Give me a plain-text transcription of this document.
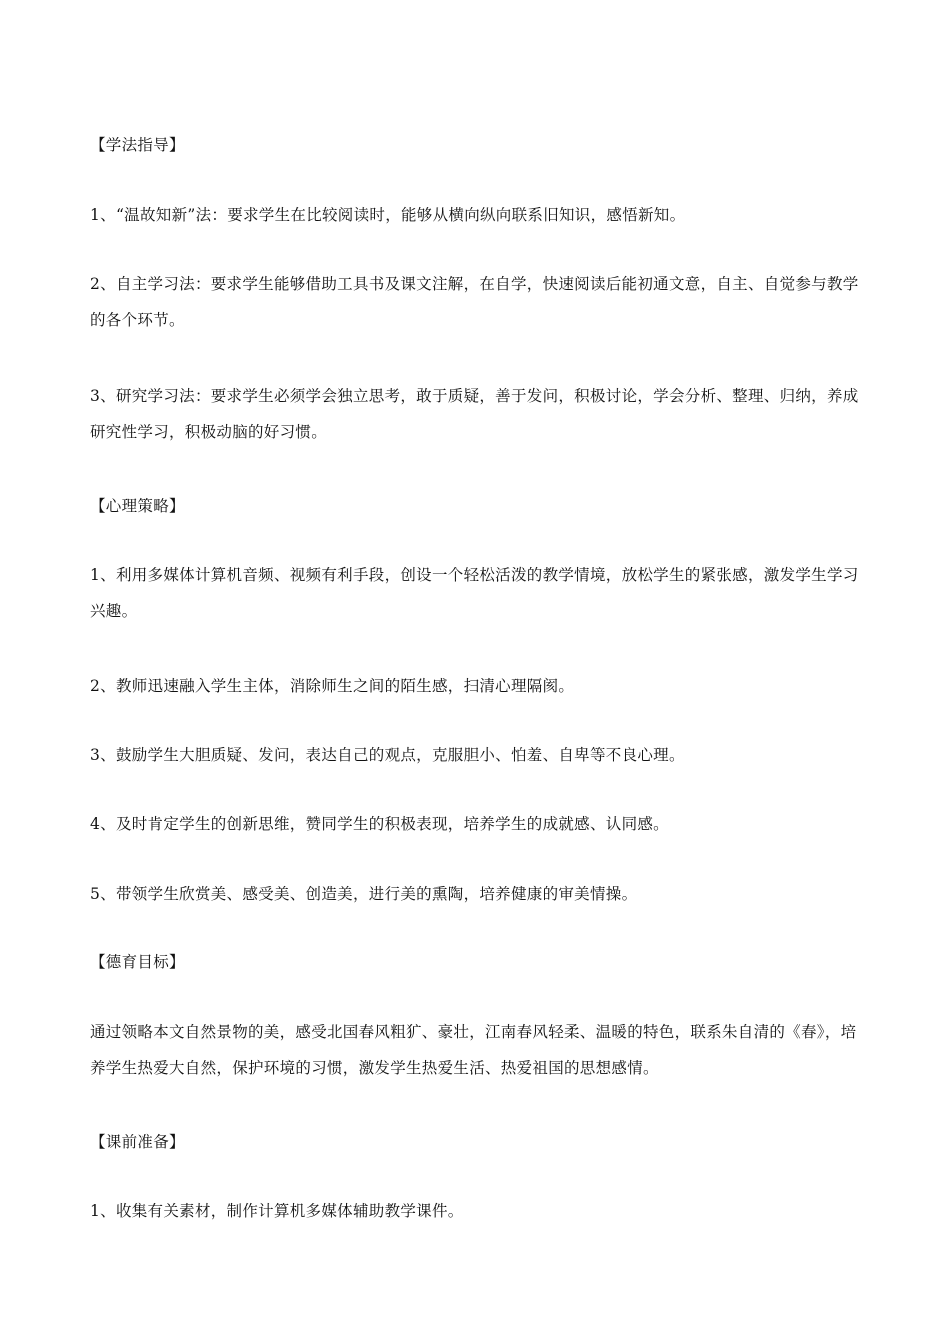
【学法指导】
1、“温故知新”法：要求学生在比较阅读时，能够从横向纵向联系旧知识，感悟新知。
2、自主学习法：要求学生能够借助工具书及课文注解，在自学，快速阅读后能初通文意，自主、自觉参与教学的各个环节。
3、研究学习法：要求学生必须学会独立思考，敢于质疑，善于发问，积极讨论，学会分析、整理、归纳，养成研究性学习，积极动脑的好习惯。
【心理策略】
1、利用多媒体计算机音频、视频有利手段，创设一个轻松活泼的教学情境，放松学生的紧张感，激发学生学习兴趣。
2、教师迅速融入学生主体，消除师生之间的陌生感，扫清心理隔阂。
3、鼓励学生大胆质疑、发问，表达自己的观点，克服胆小、怕羞、自卑等不良心理。
4、及时肯定学生的创新思维，赞同学生的积极表现，培养学生的成就感、认同感。
5、带领学生欣赏美、感受美、创造美，进行美的熏陶，培养健康的审美情操。
【德育目标】
通过领略本文自然景物的美，感受北国春风粗犷、豪壮，江南春风轻柔、温暖的特色，联系朱自清的《春》，培养学生热爱大自然，保护环境的习惯，激发学生热爱生活、热爱祖国的思想感情。
【课前准备】
1、收集有关素材，制作计算机多媒体辅助教学课件。
